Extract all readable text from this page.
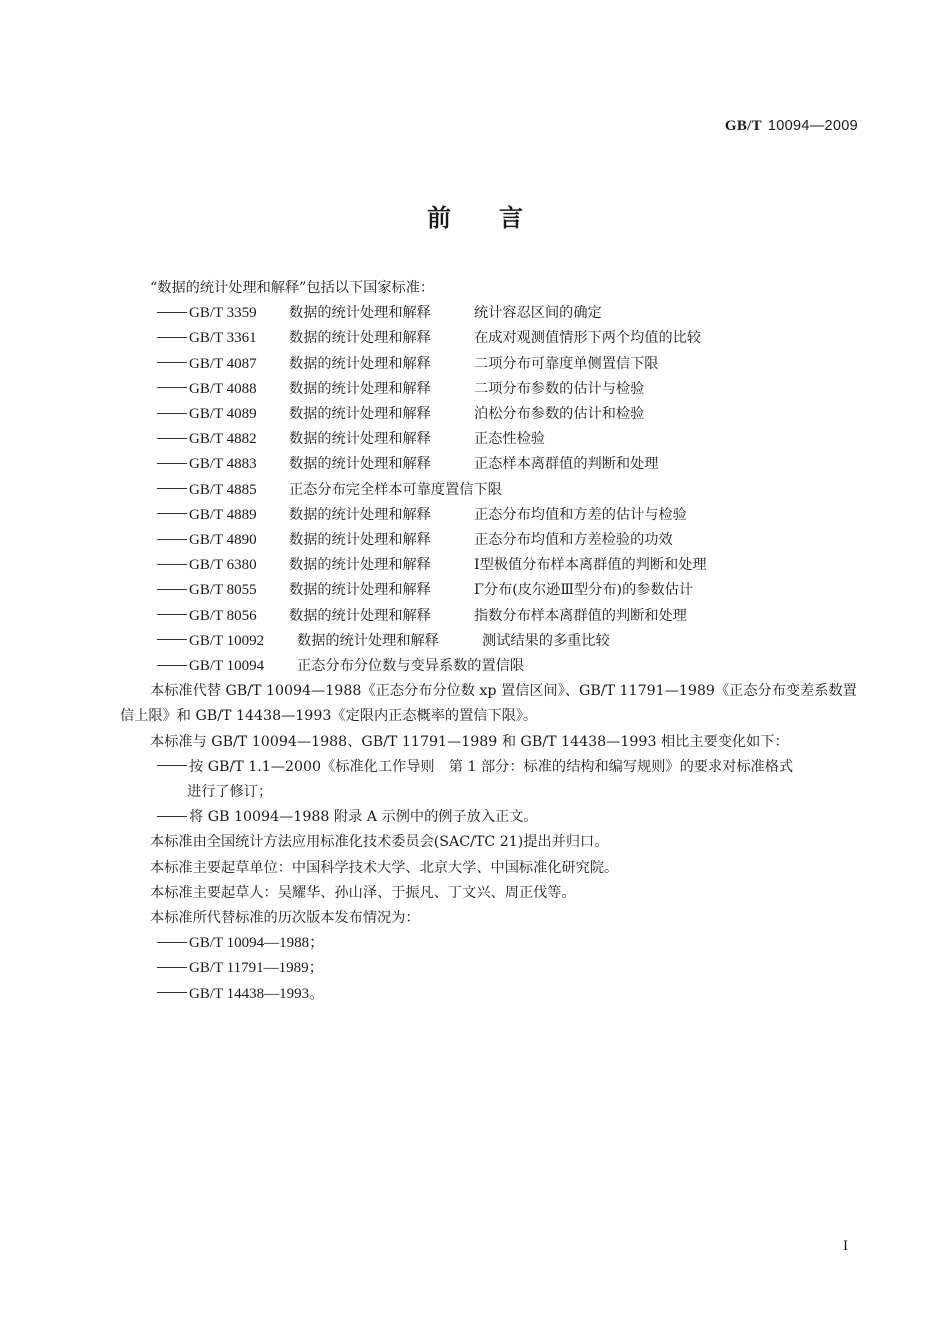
GB/T 10094—2009
前言
“数据的统计处理和解释”包括以下国家标准：
GB/T 3359 数据的统计处理和解释	统计容忍区间的确定
GB/T 3361 数据的统计处理和解释	在成对观测值情形下两个均值的比较
GB/T 4087 数据的统计处理和解释	二项分布可靠度单侧置信下限
GB/T 4088 数据的统计处理和解释	二项分布参数的估计与检验
GB/T 4089 数据的统计处理和解释	泊松分布参数的估计和检验
GB/T 4882 数据的统计处理和解释	正态性检验
GB/T 4883 数据的统计处理和解释	正态样本离群值的判断和处理
GB/T 4885 正态分布完全样本可靠度置信下限
GB/T 4889 数据的统计处理和解释	正态分布均值和方差的估计与检验
GB/T 4890 数据的统计处理和解释	正态分布均值和方差检验的功效
GB/T 6380 数据的统计处理和解释	Ⅰ型极值分布样本离群值的判断和处理
GB/T 8055 数据的统计处理和解释	Γ分布(皮尔逊Ⅲ型分布)的参数估计
GB/T 8056 数据的统计处理和解释	指数分布样本离群值的判断和处理
GB/T 10092 数据的统计处理和解释	测试结果的多重比较
GB/T 10094 正态分布分位数与变异系数的置信限
本标准代替 GB/T 10094—1988《正态分布分位数 xp 置信区间》、GB/T 11791—1989《正态分布变差系数置信上限》和 GB/T 14438—1993《定限内正态概率的置信下限》。
本标准与 GB/T 10094—1988、GB/T 11791—1989 和 GB/T 14438—1993 相比主要变化如下：
按 GB/T 1.1—2000《标准化工作导则　第 1 部分：标准的结构和编写规则》的要求对标准格式
进行了修订；
将 GB 10094—1988 附录 A 示例中的例子放入正文。
本标准由全国统计方法应用标准化技术委员会(SAC/TC 21)提出并归口。
本标准主要起草单位：中国科学技术大学、北京大学、中国标准化研究院。
本标准主要起草人：吴耀华、孙山泽、于振凡、丁文兴、周正伐等。
本标准所代替标准的历次版本发布情况为：
GB/T 10094—1988；
GB/T 11791—1989；
GB/T 14438—1993。
I
